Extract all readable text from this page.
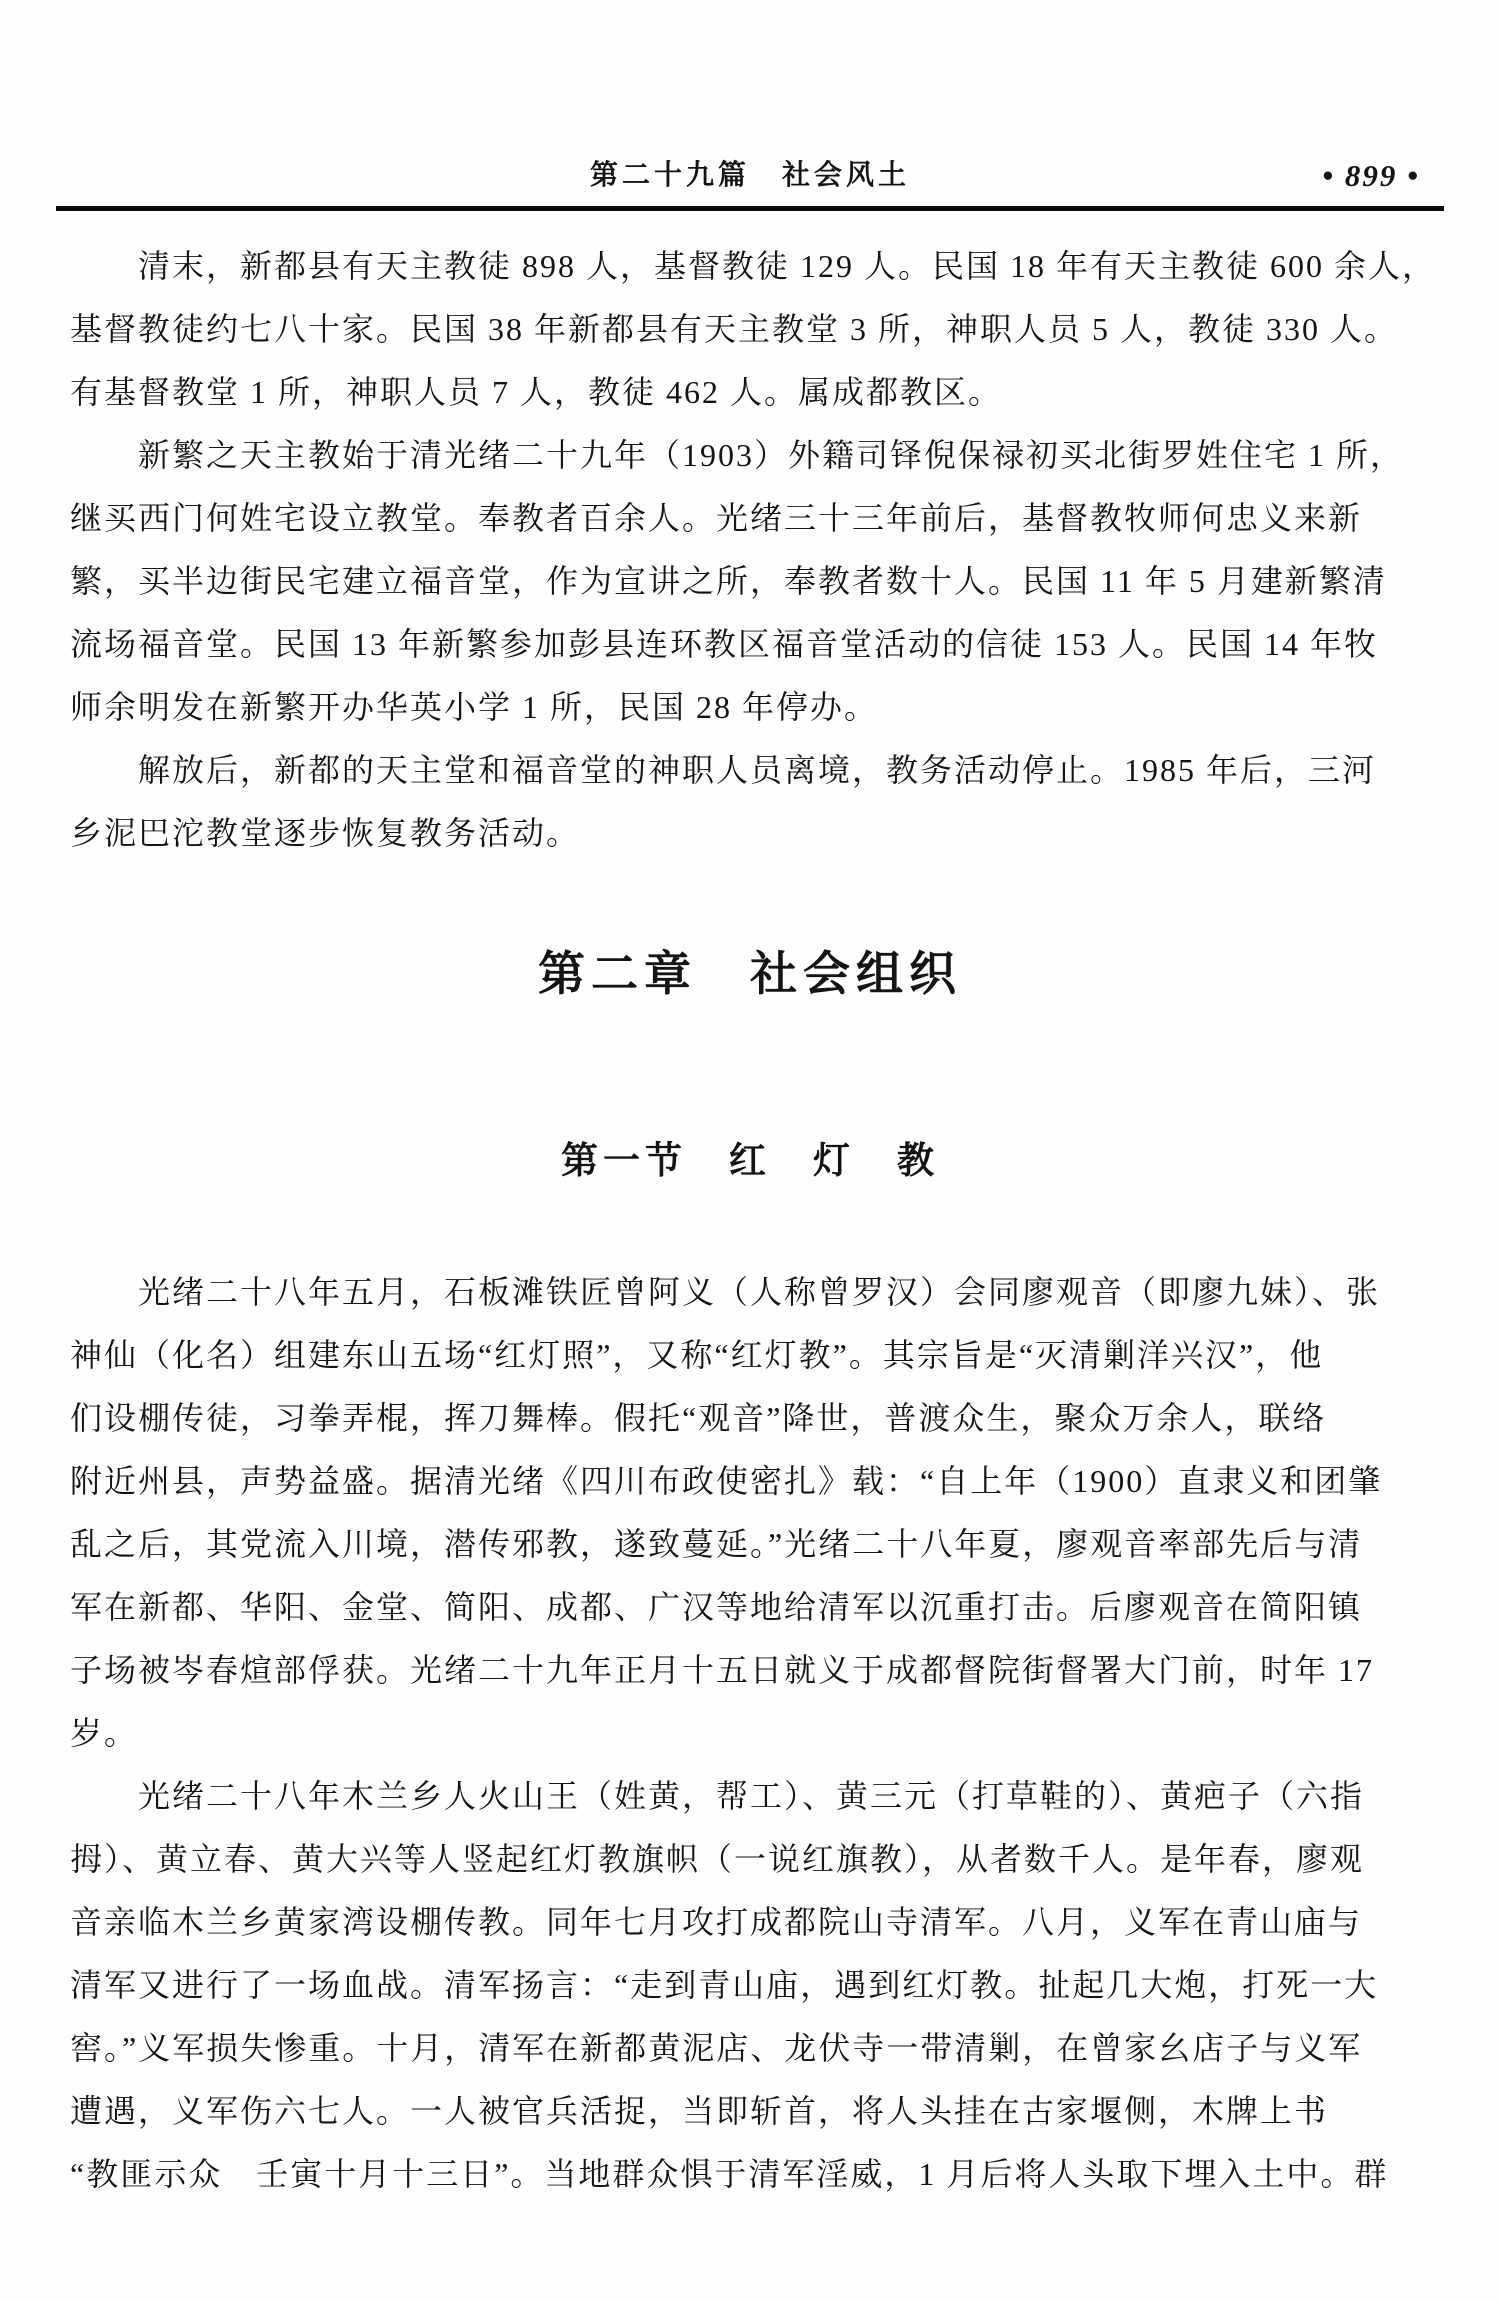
第二十九篇　社会风土	• 899 •

清末，新都县有天主教徒 898 人，基督教徒 129 人。民国 18 年有天主教徒 600 余人，
基督教徒约七八十家。民国 38 年新都县有天主教堂 3 所，神职人员 5 人，教徒 330 人。
有基督教堂 1 所，神职人员 7 人，教徒 462 人。属成都教区。

新繁之天主教始于清光绪二十九年（1903）外籍司铎倪保禄初买北街罗姓住宅 1 所，
继买西门何姓宅设立教堂。奉教者百余人。光绪三十三年前后，基督教牧师何忠义来新
繁，买半边街民宅建立福音堂，作为宣讲之所，奉教者数十人。民国 11 年 5 月建新繁清
流场福音堂。民国 13 年新繁参加彭县连环教区福音堂活动的信徒 153 人。民国 14 年牧
师余明发在新繁开办华英小学 1 所，民国 28 年停办。

解放后，新都的天主堂和福音堂的神职人员离境，教务活动停止。1985 年后，三河
乡泥巴沱教堂逐步恢复教务活动。

第二章　社会组织
第一节　红　灯　教

光绪二十八年五月，石板滩铁匠曾阿义（人称曾罗汉）会同廖观音（即廖九妹）、张
神仙（化名）组建东山五场“红灯照”，又称“红灯教”。其宗旨是“灭清剿洋兴汉”，他
们设棚传徒，习拳弄棍，挥刀舞棒。假托“观音”降世，普渡众生，聚众万余人，联络
附近州县，声势益盛。据清光绪《四川布政使密扎》载：“自上年（1900）直隶义和团肇
乱之后，其党流入川境，潜传邪教，遂致蔓延。”光绪二十八年夏，廖观音率部先后与清
军在新都、华阳、金堂、简阳、成都、广汉等地给清军以沉重打击。后廖观音在简阳镇
子场被岑春煊部俘获。光绪二十九年正月十五日就义于成都督院街督署大门前，时年 17
岁。

光绪二十八年木兰乡人火山王（姓黄，帮工）、黄三元（打草鞋的）、黄疤子（六指
拇）、黄立春、黄大兴等人竖起红灯教旗帜（一说红旗教），从者数千人。是年春，廖观
音亲临木兰乡黄家湾设棚传教。同年七月攻打成都院山寺清军。八月，义军在青山庙与
清军又进行了一场血战。清军扬言：“走到青山庙，遇到红灯教。扯起几大炮，打死一大
窖。”义军损失惨重。十月，清军在新都黄泥店、龙伏寺一带清剿，在曾家幺店子与义军
遭遇，义军伤六七人。一人被官兵活捉，当即斩首，将人头挂在古家堰侧，木牌上书
“教匪示众　壬寅十月十三日”。当地群众惧于清军淫威，1 月后将人头取下埋入土中。群
